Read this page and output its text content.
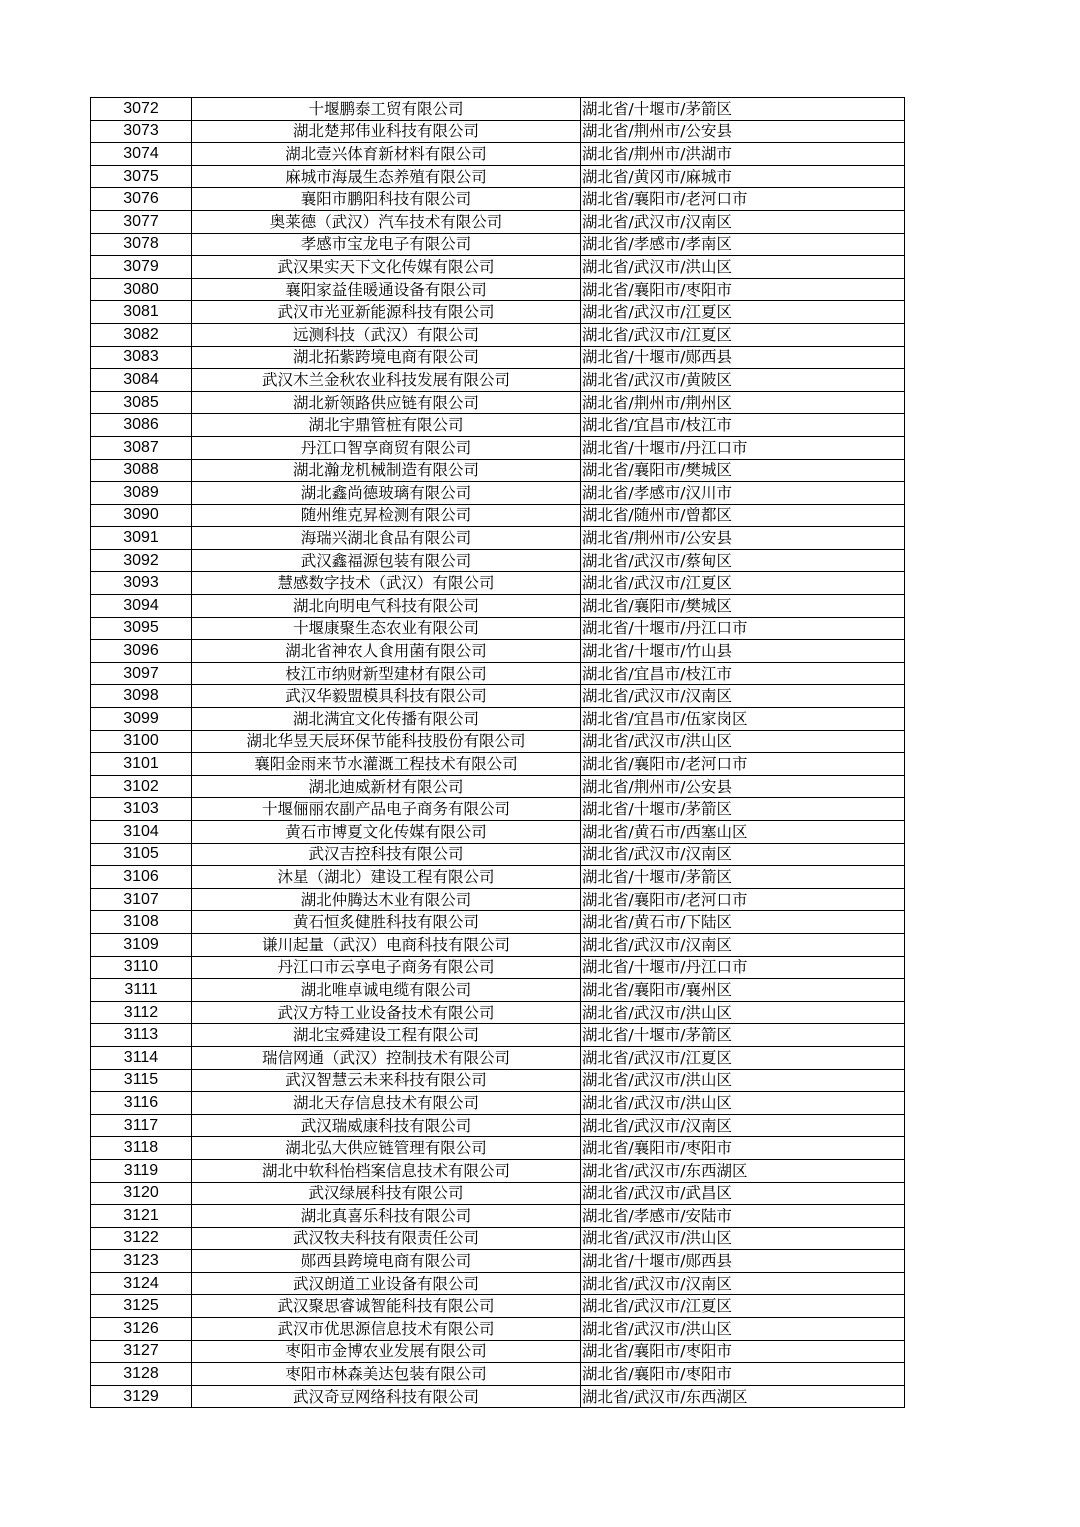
3072	十堰鹏泰工贸有限公司	湖北省/十堰市/茅箭区
3073	湖北楚邦伟业科技有限公司	湖北省/荆州市/公安县
3074	湖北壹兴体育新材料有限公司	湖北省/荆州市/洪湖市
3075	麻城市海晟生态养殖有限公司	湖北省/黄冈市/麻城市
3076	襄阳市鹏阳科技有限公司	湖北省/襄阳市/老河口市
3077	奥莱德（武汉）汽车技术有限公司	湖北省/武汉市/汉南区
3078	孝感市宝龙电子有限公司	湖北省/孝感市/孝南区
3079	武汉果实天下文化传媒有限公司	湖北省/武汉市/洪山区
3080	襄阳家益佳暖通设备有限公司	湖北省/襄阳市/枣阳市
3081	武汉市光亚新能源科技有限公司	湖北省/武汉市/江夏区
3082	远测科技（武汉）有限公司	湖北省/武汉市/江夏区
3083	湖北拓紫跨境电商有限公司	湖北省/十堰市/郧西县
3084	武汉木兰金秋农业科技发展有限公司	湖北省/武汉市/黄陂区
3085	湖北新领路供应链有限公司	湖北省/荆州市/荆州区
3086	湖北宇鼎管桩有限公司	湖北省/宜昌市/枝江市
3087	丹江口智享商贸有限公司	湖北省/十堰市/丹江口市
3088	湖北瀚龙机械制造有限公司	湖北省/襄阳市/樊城区
3089	湖北鑫尚德玻璃有限公司	湖北省/孝感市/汉川市
3090	随州维克昇检测有限公司	湖北省/随州市/曾都区
3091	海瑞兴湖北食品有限公司	湖北省/荆州市/公安县
3092	武汉鑫福源包装有限公司	湖北省/武汉市/蔡甸区
3093	慧感数字技术（武汉）有限公司	湖北省/武汉市/江夏区
3094	湖北向明电气科技有限公司	湖北省/襄阳市/樊城区
3095	十堰康聚生态农业有限公司	湖北省/十堰市/丹江口市
3096	湖北省神农人食用菌有限公司	湖北省/十堰市/竹山县
3097	枝江市纳财新型建材有限公司	湖北省/宜昌市/枝江市
3098	武汉华毅盟模具科技有限公司	湖北省/武汉市/汉南区
3099	湖北满宜文化传播有限公司	湖北省/宜昌市/伍家岗区
3100	湖北华昱天辰环保节能科技股份有限公司	湖北省/武汉市/洪山区
3101	襄阳金雨来节水灌溉工程技术有限公司	湖北省/襄阳市/老河口市
3102	湖北迪威新材有限公司	湖北省/荆州市/公安县
3103	十堰俪丽农副产品电子商务有限公司	湖北省/十堰市/茅箭区
3104	黄石市博夏文化传媒有限公司	湖北省/黄石市/西塞山区
3105	武汉吉控科技有限公司	湖北省/武汉市/汉南区
3106	沐星（湖北）建设工程有限公司	湖北省/十堰市/茅箭区
3107	湖北仲腾达木业有限公司	湖北省/襄阳市/老河口市
3108	黄石恒炙健胜科技有限公司	湖北省/黄石市/下陆区
3109	谦川起量（武汉）电商科技有限公司	湖北省/武汉市/汉南区
3110	丹江口市云享电子商务有限公司	湖北省/十堰市/丹江口市
3111	湖北唯卓诚电缆有限公司	湖北省/襄阳市/襄州区
3112	武汉方特工业设备技术有限公司	湖北省/武汉市/洪山区
3113	湖北宝舜建设工程有限公司	湖北省/十堰市/茅箭区
3114	瑞信网通（武汉）控制技术有限公司	湖北省/武汉市/江夏区
3115	武汉智慧云未来科技有限公司	湖北省/武汉市/洪山区
3116	湖北天存信息技术有限公司	湖北省/武汉市/洪山区
3117	武汉瑞威康科技有限公司	湖北省/武汉市/汉南区
3118	湖北弘大供应链管理有限公司	湖北省/襄阳市/枣阳市
3119	湖北中软科怡档案信息技术有限公司	湖北省/武汉市/东西湖区
3120	武汉绿展科技有限公司	湖北省/武汉市/武昌区
3121	湖北真喜乐科技有限公司	湖北省/孝感市/安陆市
3122	武汉牧夫科技有限责任公司	湖北省/武汉市/洪山区
3123	郧西县跨境电商有限公司	湖北省/十堰市/郧西县
3124	武汉朗道工业设备有限公司	湖北省/武汉市/汉南区
3125	武汉聚思睿诚智能科技有限公司	湖北省/武汉市/江夏区
3126	武汉市优思源信息技术有限公司	湖北省/武汉市/洪山区
3127	枣阳市金博农业发展有限公司	湖北省/襄阳市/枣阳市
3128	枣阳市林森美达包装有限公司	湖北省/襄阳市/枣阳市
3129	武汉奇豆网络科技有限公司	湖北省/武汉市/东西湖区
